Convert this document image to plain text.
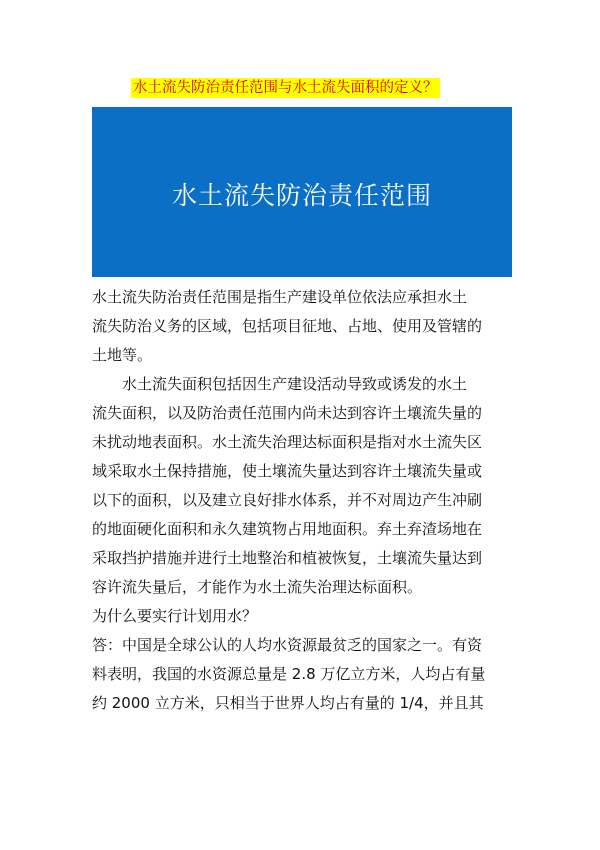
水土流失防治责任范围与水土流失面积的定义？
水土流失防治责任范围
水土流失防治责任范围是指生产建设单位依法应承担水土
流失防治义务的区域，包括项目征地、占地、使用及管辖的
土地等。
水土流失面积包括因生产建设活动导致或诱发的水土
流失面积，以及防治责任范围内尚未达到容许土壤流失量的
未扰动地表面积。水土流失治理达标面积是指对水土流失区
域采取水土保持措施，使土壤流失量达到容许土壤流失量或
以下的面积，以及建立良好排水体系，并不对周边产生冲刷
的地面硬化面积和永久建筑物占用地面积。弃土弃渣场地在
采取挡护措施并进行土地整治和植被恢复，土壤流失量达到
容许流失量后，才能作为水土流失治理达标面积。
为什么要实行计划用水？
答：中国是全球公认的人均水资源最贫乏的国家之一。有资
料表明，我国的水资源总量是 2.8 万亿立方米，人均占有量
约 2000 立方米，只相当于世界人均占有量的 1/4，并且其
